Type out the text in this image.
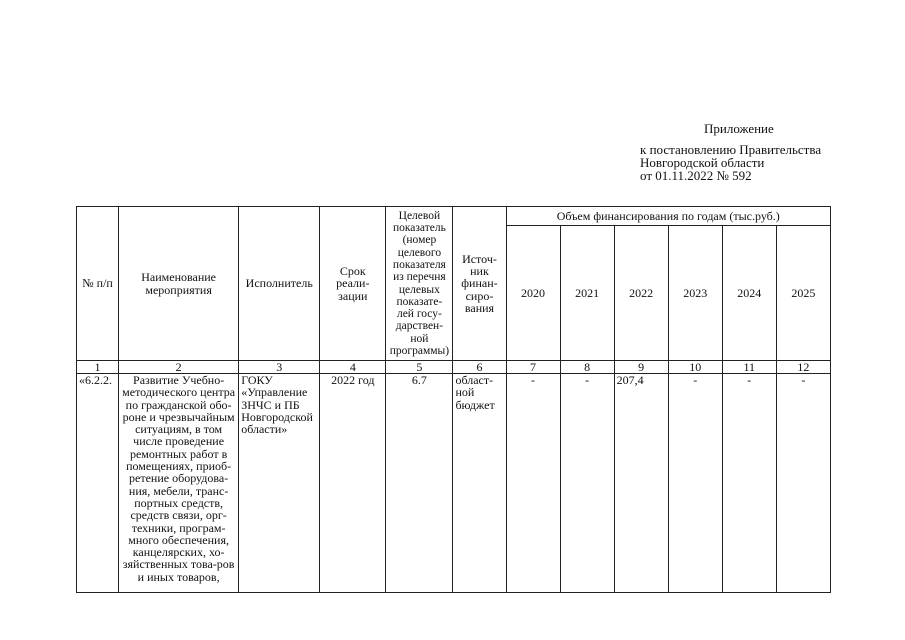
Приложение
к постановлению Правительства
Новгородской области
от 01.11.2022 № 592
№ п/п	Наименование мероприятия	Исполнитель	Срок реали-зации	Целевой показатель (номер целевого показателя из перечня целевых показате-лей госу-дарствен-ной программы)	Источ-ник финан-сиро-вания	Объем финансирования по годам (тыс.руб.)					
						2020	2021	2022	2023	2024	2025
1	2	3	4	5	6	7	8	9	10	11	12
«6.2.2.	Развитие Учебно-методического центра по гражданской обо-роне и чрезвычайным ситуациям, в том числе проведение ремонтных работ в помещениях, приоб-ретение оборудова-ния, мебели, транс-портных средств, средств связи, орг-техники, програм-много обеспечения, канцелярских, хо-зяйственных това-ров и иных товаров,	ГОКУ «Управление ЗНЧС и ПБ Новгородской области»	2022 год	6.7	област-ной бюджет	-	-	207,4	-	-	-
